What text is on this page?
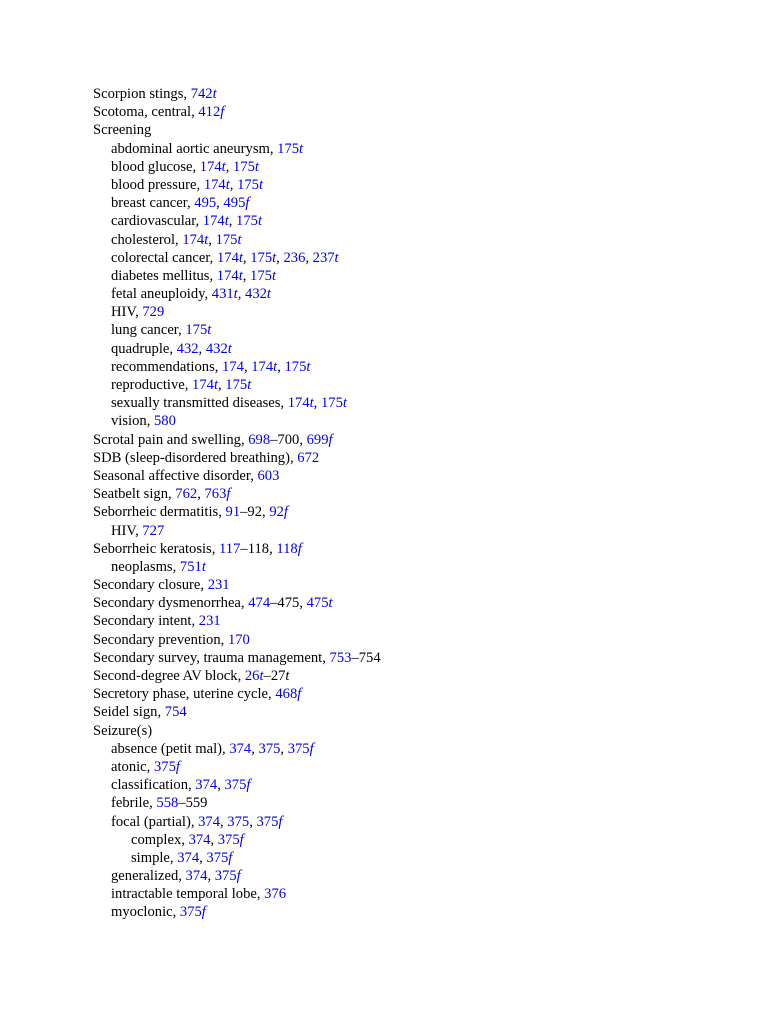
Scorpion stings, 742t
Scotoma, central, 412f
Screening
abdominal aortic aneurysm, 175t
blood glucose, 174t, 175t
blood pressure, 174t, 175t
breast cancer, 495, 495f
cardiovascular, 174t, 175t
cholesterol, 174t, 175t
colorectal cancer, 174t, 175t, 236, 237t
diabetes mellitus, 174t, 175t
fetal aneuploidy, 431t, 432t
HIV, 729
lung cancer, 175t
quadruple, 432, 432t
recommendations, 174, 174t, 175t
reproductive, 174t, 175t
sexually transmitted diseases, 174t, 175t
vision, 580
Scrotal pain and swelling, 698–700, 699f
SDB (sleep-disordered breathing), 672
Seasonal affective disorder, 603
Seatbelt sign, 762, 763f
Seborrheic dermatitis, 91–92, 92f
HIV, 727
Seborrheic keratosis, 117–118, 118f
neoplasms, 751t
Secondary closure, 231
Secondary dysmenorrhea, 474–475, 475t
Secondary intent, 231
Secondary prevention, 170
Secondary survey, trauma management, 753–754
Second-degree AV block, 26t–27t
Secretory phase, uterine cycle, 468f
Seidel sign, 754
Seizure(s)
absence (petit mal), 374, 375, 375f
atonic, 375f
classification, 374, 375f
febrile, 558–559
focal (partial), 374, 375, 375f
complex, 374, 375f
simple, 374, 375f
generalized, 374, 375f
intractable temporal lobe, 376
myoclonic, 375f
